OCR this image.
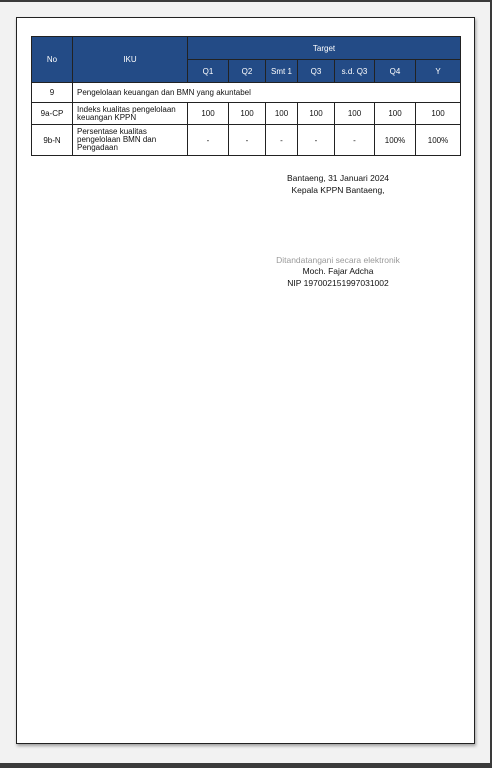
No	IKU	Target						
		Q1	Q2	Smt 1	Q3	s.d. Q3	Q4	Y
9	Pengelolaan keuangan dan BMN yang akuntabel							
9a-CP	Indeks kualitas pengelolaan keuangan KPPN	100	100	100	100	100	100	100
9b-N	Persentase kualitas pengelolaan BMN dan Pengadaan	-	-	-	-	-	100%	100%
Bantaeng, 31 Januari 2024
Kepala KPPN Bantaeng,
Ditandatangani secara elektronik
Moch. Fajar Adcha
NIP 197002151997031002
